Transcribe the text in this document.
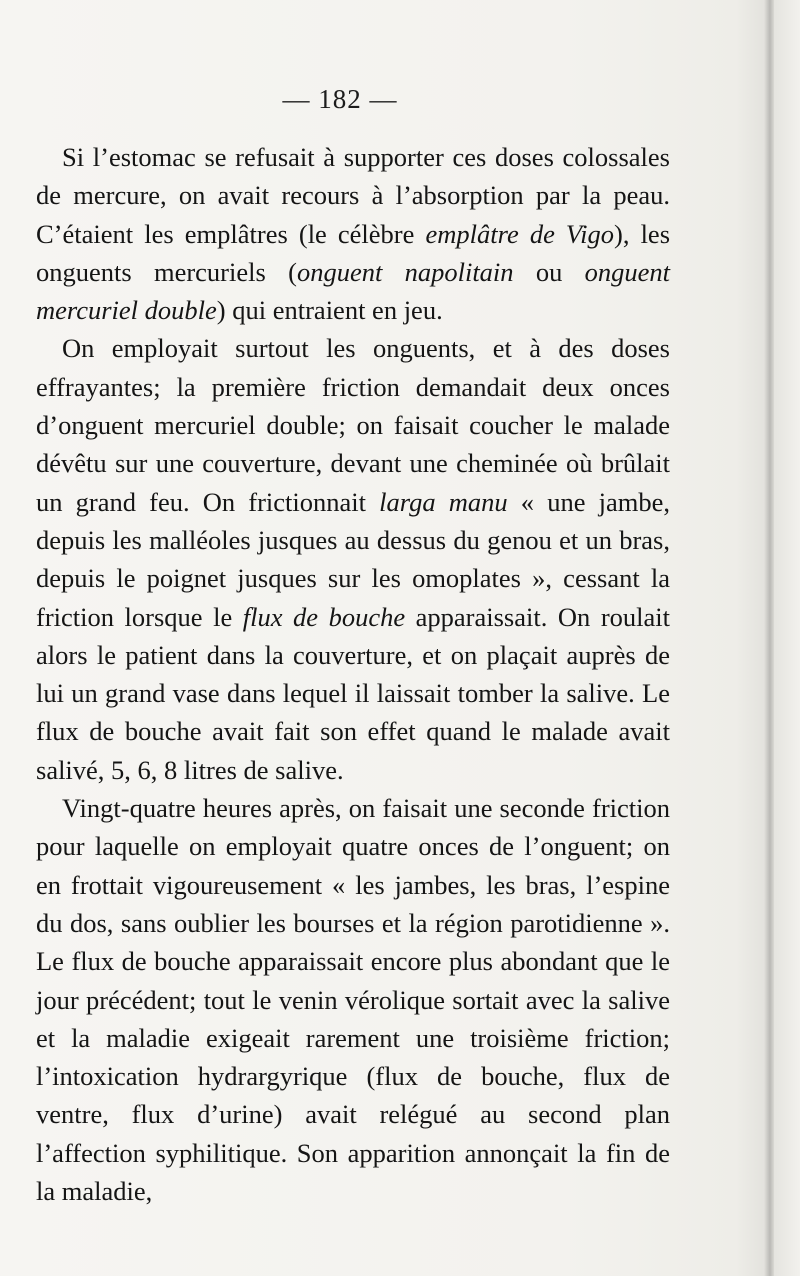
— 182 —

Si l’estomac se refusait à supporter ces doses colossales de mercure, on avait recours à l’absorption par la peau. C’étaient les emplâtres (le célèbre emplâtre de Vigo), les onguents mercuriels (onguent napolitain ou onguent mercuriel double) qui entraient en jeu.

On employait surtout les onguents, et à des doses effrayantes; la première friction demandait deux onces d’onguent mercuriel double; on faisait coucher le malade dévêtu sur une couverture, devant une cheminée où brûlait un grand feu. On frictionnait larga manu « une jambe, depuis les malléoles jusques au dessus du genou et un bras, depuis le poignet jusques sur les omoplates », cessant la friction lorsque le flux de bouche apparaissait. On roulait alors le patient dans la couverture, et on plaçait auprès de lui un grand vase dans lequel il laissait tomber la salive. Le flux de bouche avait fait son effet quand le malade avait salivé, 5, 6, 8 litres de salive.

Vingt-quatre heures après, on faisait une seconde friction pour laquelle on employait quatre onces de l’onguent; on en frottait vigoureusement « les jambes, les bras, l’espine du dos, sans oublier les bourses et la région parotidienne ». Le flux de bouche apparaissait encore plus abondant que le jour précédent; tout le venin vérolique sortait avec la salive et la maladie exigeait rarement une troisième friction; l’intoxication hydrargyrique (flux de bouche, flux de ventre, flux d’urine) avait relégué au second plan l’affection syphilitique. Son apparition annonçait la fin de la maladie,
